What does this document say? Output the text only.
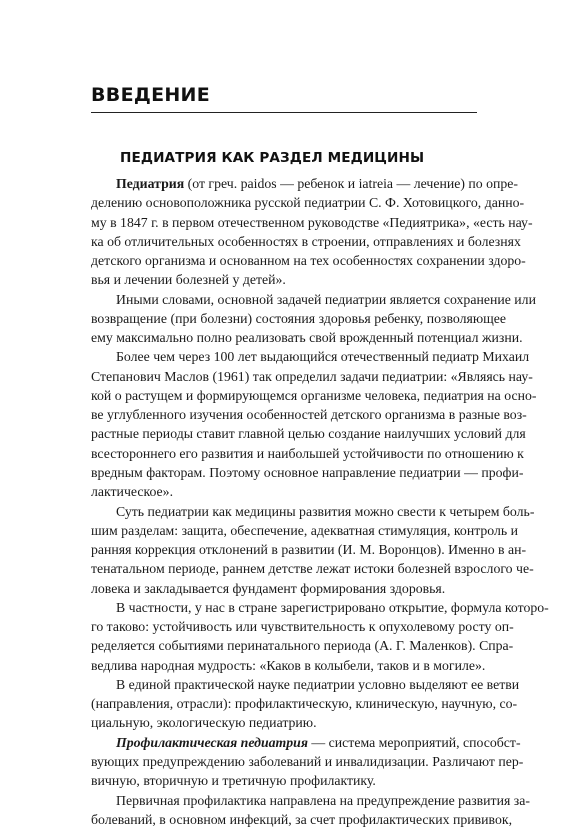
ВВЕДЕНИЕ
ПЕДИАТРИЯ КАК РАЗДЕЛ МЕДИЦИНЫ
Педиатрия (от греч. paidos — ребенок и iatreia — лечение) по опре-
делению основоположника русской педиатрии С. Ф. Хотовицкого, данно-
му в 1847 г. в первом отечественном руководстве «Педиятрика», «есть нау-
ка об отличительных особенностях в строении, отправлениях и болезнях
детского организма и основанном на тех особенностях сохранении здоро-
вья и лечении болезней у детей».
Иными словами, основной задачей педиатрии является сохранение или
возвращение (при болезни) состояния здоровья ребенку, позволяющее
ему максимально полно реализовать свой врожденный потенциал жизни.
Более чем через 100 лет выдающийся отечественный педиатр Михаил
Степанович Маслов (1961) так определил задачи педиатрии: «Являясь нау-
кой о растущем и формирующемся организме человека, педиатрия на осно-
ве углубленного изучения особенностей детского организма в разные воз-
растные периоды ставит главной целью создание наилучших условий для
всестороннего его развития и наибольшей устойчивости по отношению к
вредным факторам. Поэтому основное направление педиатрии — профи-
лактическое».
Суть педиатрии как медицины развития можно свести к четырем боль-
шим разделам: защита, обеспечение, адекватная стимуляция, контроль и
ранняя коррекция отклонений в развитии (И. М. Воронцов). Именно в ан-
тенатальном периоде, раннем детстве лежат истоки болезней взрослого че-
ловека и закладывается фундамент формирования здоровья.
В частности, у нас в стране зарегистрировано открытие, формула которо-
го таково: устойчивость или чувствительность к опухолевому росту оп-
ределяется событиями перинатального периода (А. Г. Маленков). Спра-
ведлива народная мудрость: «Каков в колыбели, таков и в могиле».
В единой практической науке педиатрии условно выделяют ее ветви
(направления, отрасли): профилактическую, клиническую, научную, со-
циальную, экологическую педиатрию.
Профилактическая педиатрия — система мероприятий, способст-
вующих предупреждению заболеваний и инвалидизации. Различают пер-
вичную, вторичную и третичную профилактику.
Первичная профилактика направлена на предупреждение развития за-
болеваний, в основном инфекций, за счет профилактических прививок,
